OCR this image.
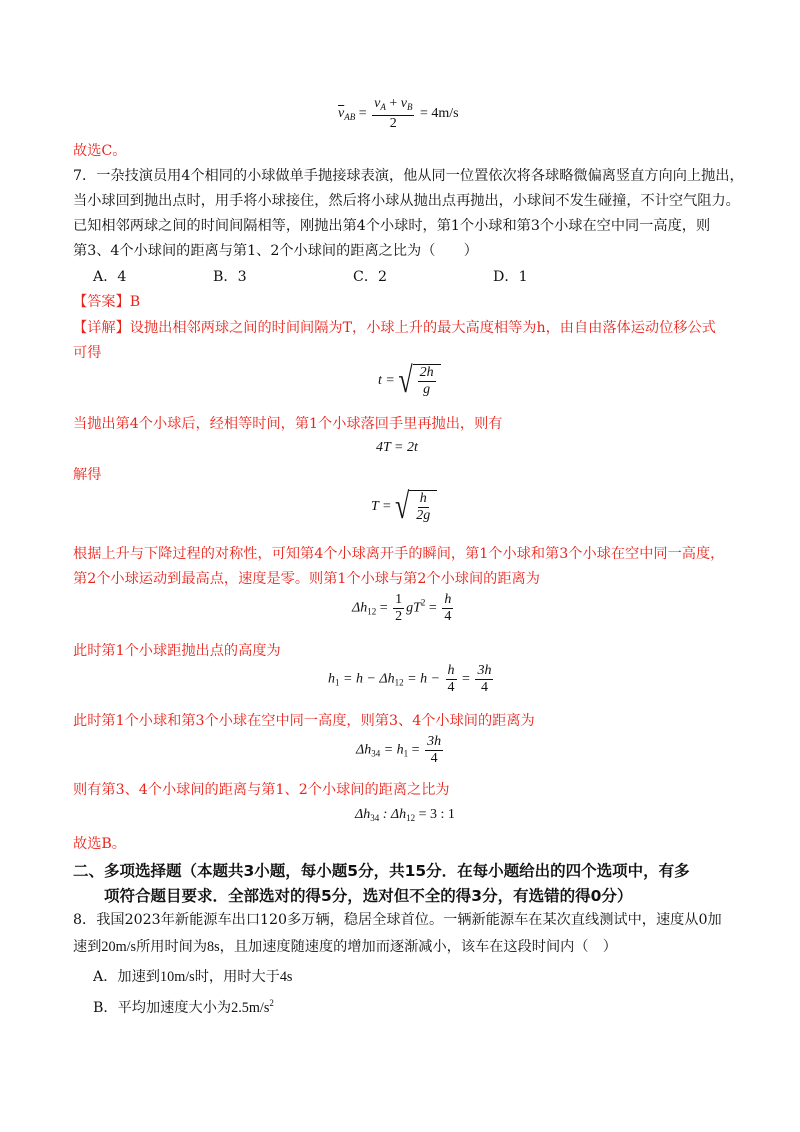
$\overline{v}_{AB} = \frac{v_A + v_B}{2} = 4m/s$
故选C。
7．一杂技演员用4个相同的小球做单手抛接球表演，他从同一位置依次将各球略微偏离竖直方向向上抛出，
当小球回到抛出点时，用手将小球接住，然后将小球从抛出点再抛出，小球间不发生碰撞，不计空气阻力。
已知相邻两球之间的时间间隔相等，刚抛出第4个小球时，第1个小球和第3个小球在空中同一高度，则
第3、4个小球间的距离与第1、2个小球间的距离之比为（　　）
A．4	B．3	C．2	D．1
【答案】B
【详解】设抛出相邻两球之间的时间间隔为T，小球上升的最大高度相等为h，由自由落体运动位移公式
可得
t = √ $\frac{2h}{g}$
当抛出第4个小球后，经相等时间，第1个小球落回手里再抛出，则有
4T = 2t
解得
T = √ $\frac{h}{2g}$
根据上升与下降过程的对称性，可知第4个小球离开手的瞬间，第1个小球和第3个小球在空中同一高度，
第2个小球运动到最高点，速度是零。则第1个小球与第2个小球间的距离为
$\Delta h_{12} = \frac{1}{2} gT^2 = \frac{h}{4}$
此时第1个小球距抛出点的高度为
$h_1 = h - \Delta h_{12} = h - \frac{h}{4} = \frac{3h}{4}$
此时第1个小球和第3个小球在空中同一高度，则第3、4个小球间的距离为
$\Delta h_{34} = h_1 = \frac{3h}{4}$
则有第3、4个小球间的距离与第1、2个小球间的距离之比为
$\Delta h_{34}$ : $\Delta h_{12} = 3$ : 1
故选B。
二、多项选择题（本题共3小题，每小题5分，共15分．在每小题给出的四个选项中，有多
　　项符合题目要求．全部选对的得5分，选对但不全的得3分，有选错的得0分）
8．我国2023年新能源车出口120多万辆，稳居全球首位。一辆新能源车在某次直线测试中，速度从0加
速到20m/s所用时间为8s，且加速度随速度的增加而逐渐减小，该车在这段时间内（　）
A．加速到10m/s时，用时大于4s
B．平均加速度大小为$2.5m/s^2$
